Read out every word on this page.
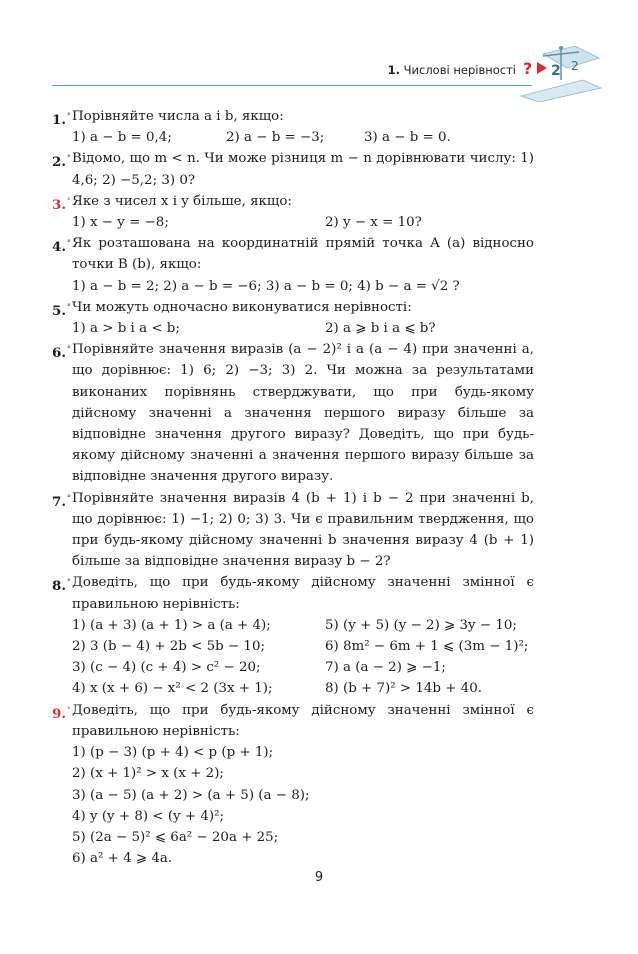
1. Числові нерівності ? 2 2
1.° Порівняйте числа a і b, якщо:
1) a − b = 0,4;	2) a − b = −3;	3) a − b = 0.
2.° Відомо, що m < n. Чи може різниця m − n дорівнювати числу: 1) 4,6; 2) −5,2; 3) 0?
3.° Яке з чисел x і y більше, якщо:
1) x − y = −8;	2) y − x = 10?
4.° Як розташована на координатній прямій точка A (a) відносно точки B (b), якщо:
1) a − b = 2; 2) a − b = −6; 3) a − b = 0; 4) b − a = √2 ?
5.° Чи можуть одночасно виконуватися нерівності:
1) a > b і a < b;	2) a ⩾ b і a ⩽ b?
6.° Порівняйте значення виразів (a − 2)² і a (a − 4) при значенні a, що дорівнює: 1) 6; 2) −3; 3) 2. Чи можна за результатами виконаних порівнянь стверджувати, що при будь-якому дійсному значенні a значення першого виразу більше за відповідне значення другого виразу? Доведіть, що при будь-якому дійсному значенні a значення першого виразу більше за відповідне значення другого виразу.
7.° Порівняйте значення виразів 4 (b + 1) і b − 2 при значенні b, що дорівнює: 1) −1; 2) 0; 3) 3. Чи є правильним твердження, що при будь-якому дійсному значенні b значення виразу 4 (b + 1) більше за відповідне значення виразу b − 2?
8.° Доведіть, що при будь-якому дійсному значенні змінної є правильною нерівність:
1) (a + 3) (a + 1) > a (a + 4);	5) (y + 5) (y − 2) ⩾ 3y − 10;
2) 3 (b − 4) + 2b < 5b − 10;	6) 8m² − 6m + 1 ⩽ (3m − 1)²;
3) (c − 4) (c + 4) > c² − 20;	7) a (a − 2) ⩾ −1;
4) x (x + 6) − x² < 2 (3x + 1);	8) (b + 7)² > 14b + 40.
9.° Доведіть, що при будь-якому дійсному значенні змінної є правильною нерівність:
1) (p − 3) (p + 4) < p (p + 1);
2) (x + 1)² > x (x + 2);
3) (a − 5) (a + 2) > (a + 5) (a − 8);
4) y (y + 8) < (y + 4)²;
5) (2a − 5)² ⩽ 6a² − 20a + 25;
6) a² + 4 ⩾ 4a.
9
